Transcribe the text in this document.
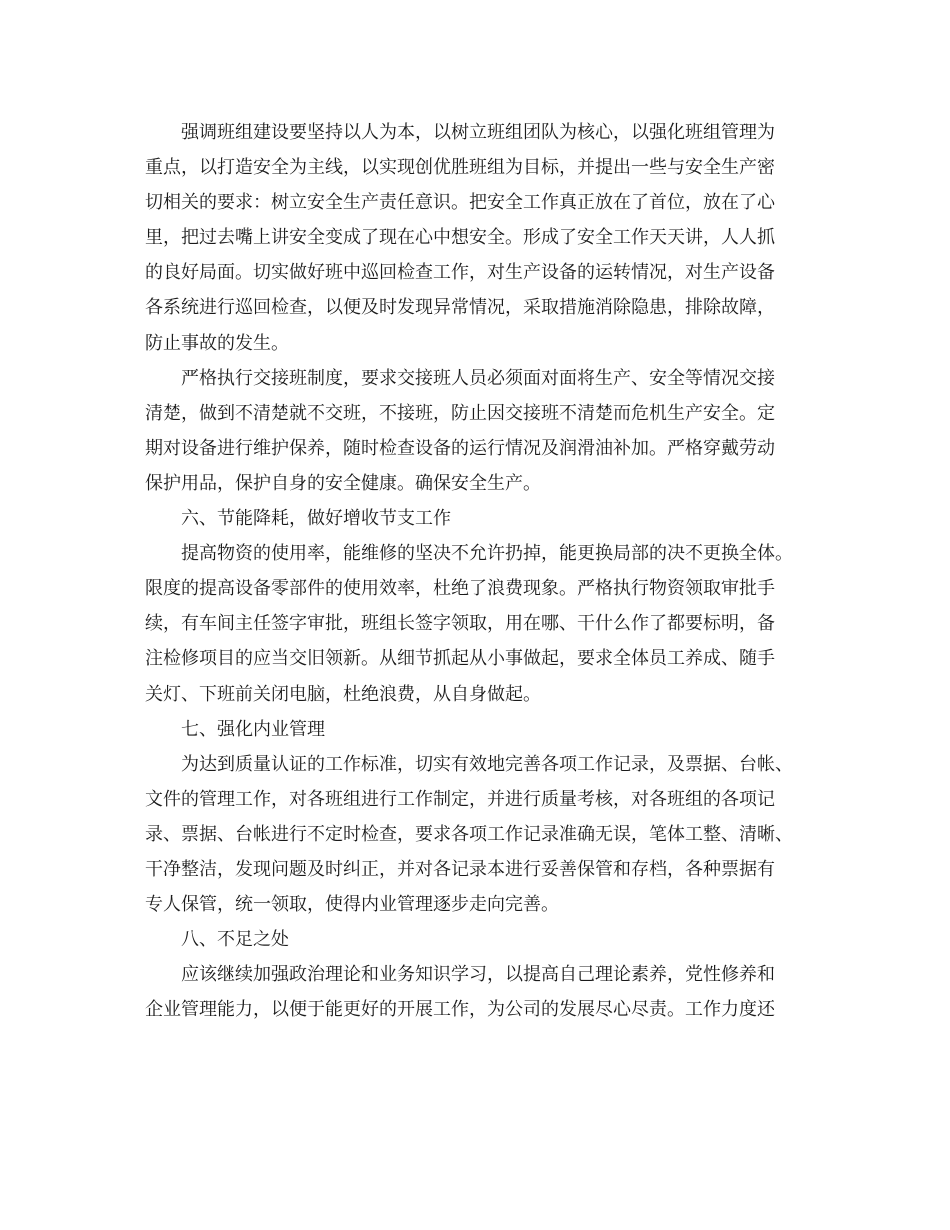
强调班组建设要坚持以人为本，以树立班组团队为核心，以强化班组管理为
重点，以打造安全为主线，以实现创优胜班组为目标，并提出一些与安全生产密
切相关的要求：树立安全生产责任意识。把安全工作真正放在了首位，放在了心
里，把过去嘴上讲安全变成了现在心中想安全。形成了安全工作天天讲，人人抓
的良好局面。切实做好班中巡回检查工作，对生产设备的运转情况，对生产设备
各系统进行巡回检查，以便及时发现异常情况，采取措施消除隐患，排除故障，
防止事故的发生。
严格执行交接班制度，要求交接班人员必须面对面将生产、安全等情况交接
清楚，做到不清楚就不交班，不接班，防止因交接班不清楚而危机生产安全。定
期对设备进行维护保养，随时检查设备的运行情况及润滑油补加。严格穿戴劳动
保护用品，保护自身的安全健康。确保安全生产。
六、节能降耗，做好增收节支工作
提高物资的使用率，能维修的坚决不允许扔掉，能更换局部的决不更换全体。
限度的提高设备零部件的使用效率，杜绝了浪费现象。严格执行物资领取审批手
续，有车间主任签字审批，班组长签字领取，用在哪、干什么作了都要标明，备
注检修项目的应当交旧领新。从细节抓起从小事做起，要求全体员工养成、随手
关灯、下班前关闭电脑，杜绝浪费，从自身做起。
七、强化内业管理
为达到质量认证的工作标准，切实有效地完善各项工作记录，及票据、台帐、
文件的管理工作，对各班组进行工作制定，并进行质量考核，对各班组的各项记
录、票据、台帐进行不定时检查，要求各项工作记录准确无误，笔体工整、清晰、
干净整洁，发现问题及时纠正，并对各记录本进行妥善保管和存档，各种票据有
专人保管，统一领取，使得内业管理逐步走向完善。
八、不足之处
应该继续加强政治理论和业务知识学习，以提高自己理论素养，党性修养和
企业管理能力，以便于能更好的开展工作，为公司的发展尽心尽责。工作力度还
